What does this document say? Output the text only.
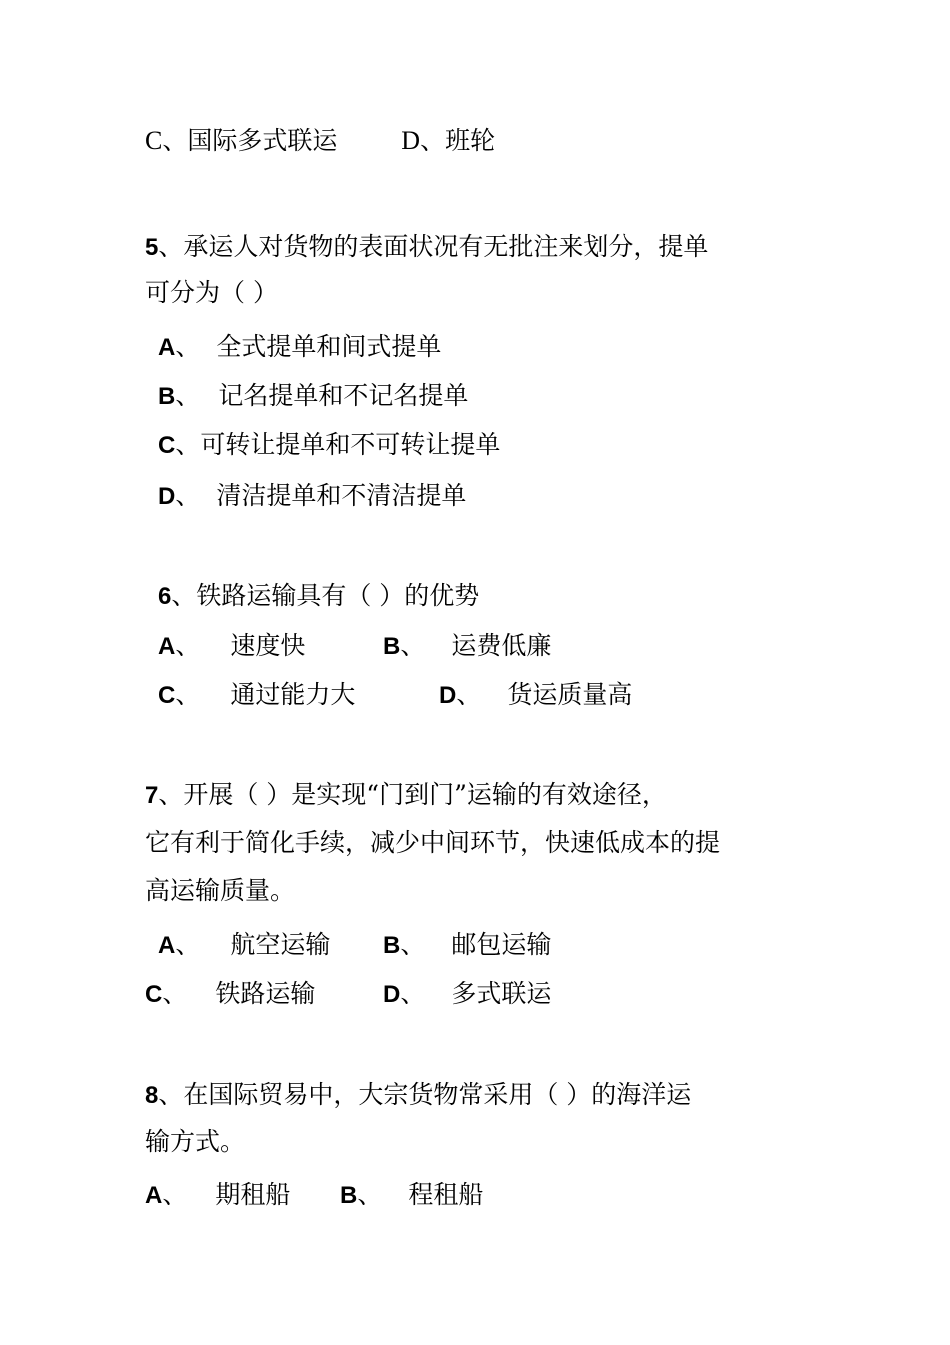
C、国际多式联运 D、班轮
5、承运人对货物的表面状况有无批注来划分，提单
可分为（ ）
A、 全式提单和间式提单
B、 记名提单和不记名提单
C、可转让提单和不可转让提单
D、 清洁提单和不清洁提单
6、铁路运输具有（ ）的优势
A、 速度快	B、 运费低廉
C、 通过能力大	D、 货运质量高
7、开展（ ）是实现“门到门”运输的有效途径，
它有利于简化手续，减少中间环节，快速低成本的提
高运输质量。
A、 航空运输 B、 邮包运输
C、 铁路运输	D、 多式联运
8、在国际贸易中，大宗货物常采用（ ）的海洋运
输方式。
A、 期租船 B、 程租船
